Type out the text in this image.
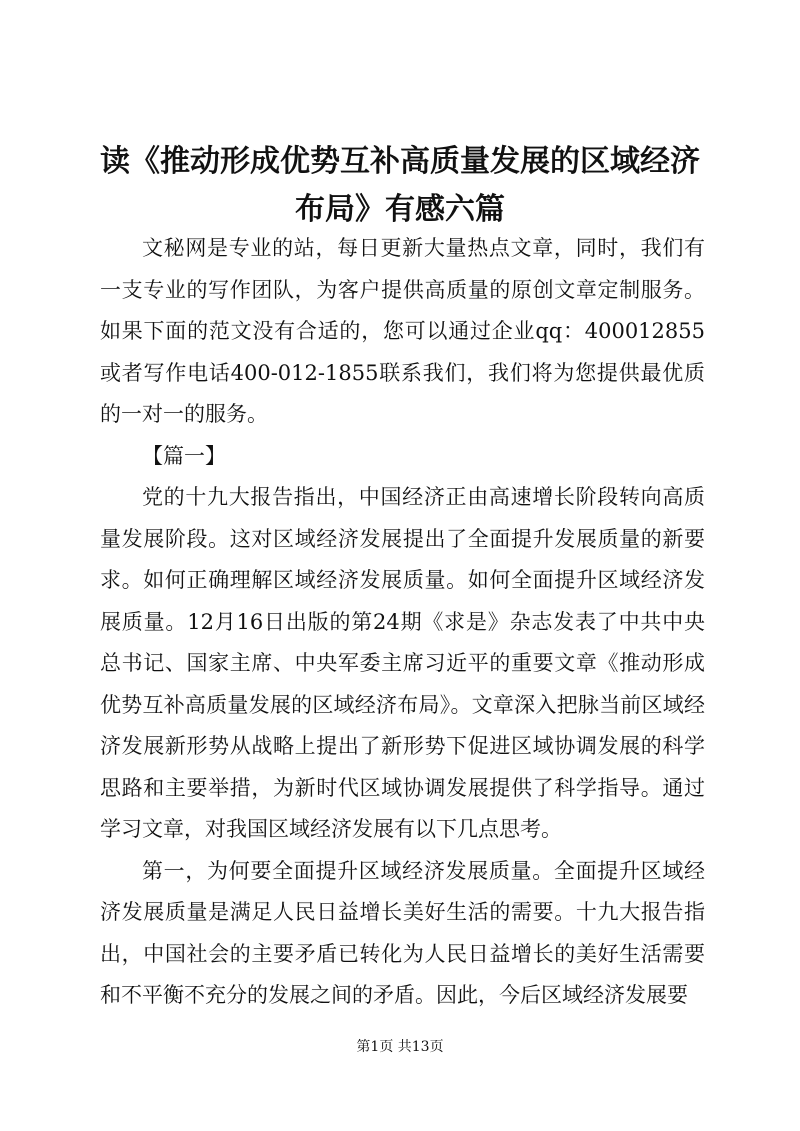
读《推动形成优势互补高质量发展的区域经济布局》有感六篇

文秘网是专业的站，每日更新大量热点文章，同时，我们有一支专业的写作团队，为客户提供高质量的原创文章定制服务。如果下面的范文没有合适的，您可以通过企业qq：400012855或者写作电话400-012-1855联系我们，我们将为您提供最优质的一对一的服务。

【篇一】

党的十九大报告指出，中国经济正由高速增长阶段转向高质量发展阶段。这对区域经济发展提出了全面提升发展质量的新要求。如何正确理解区域经济发展质量。如何全面提升区域经济发展质量。12月16日出版的第24期《求是》杂志发表了中共中央总书记、国家主席、中央军委主席习近平的重要文章《推动形成优势互补高质量发展的区域经济布局》。文章深入把脉当前区域经济发展新形势从战略上提出了新形势下促进区域协调发展的科学思路和主要举措，为新时代区域协调发展提供了科学指导。通过学习文章，对我国区域经济发展有以下几点思考。

第一，为何要全面提升区域经济发展质量。全面提升区域经济发展质量是满足人民日益增长美好生活的需要。十九大报告指出，中国社会的主要矛盾已转化为人民日益增长的美好生活需要和不平衡不充分的发展之间的矛盾。因此，今后区域经济发展要

第1页 共13页
